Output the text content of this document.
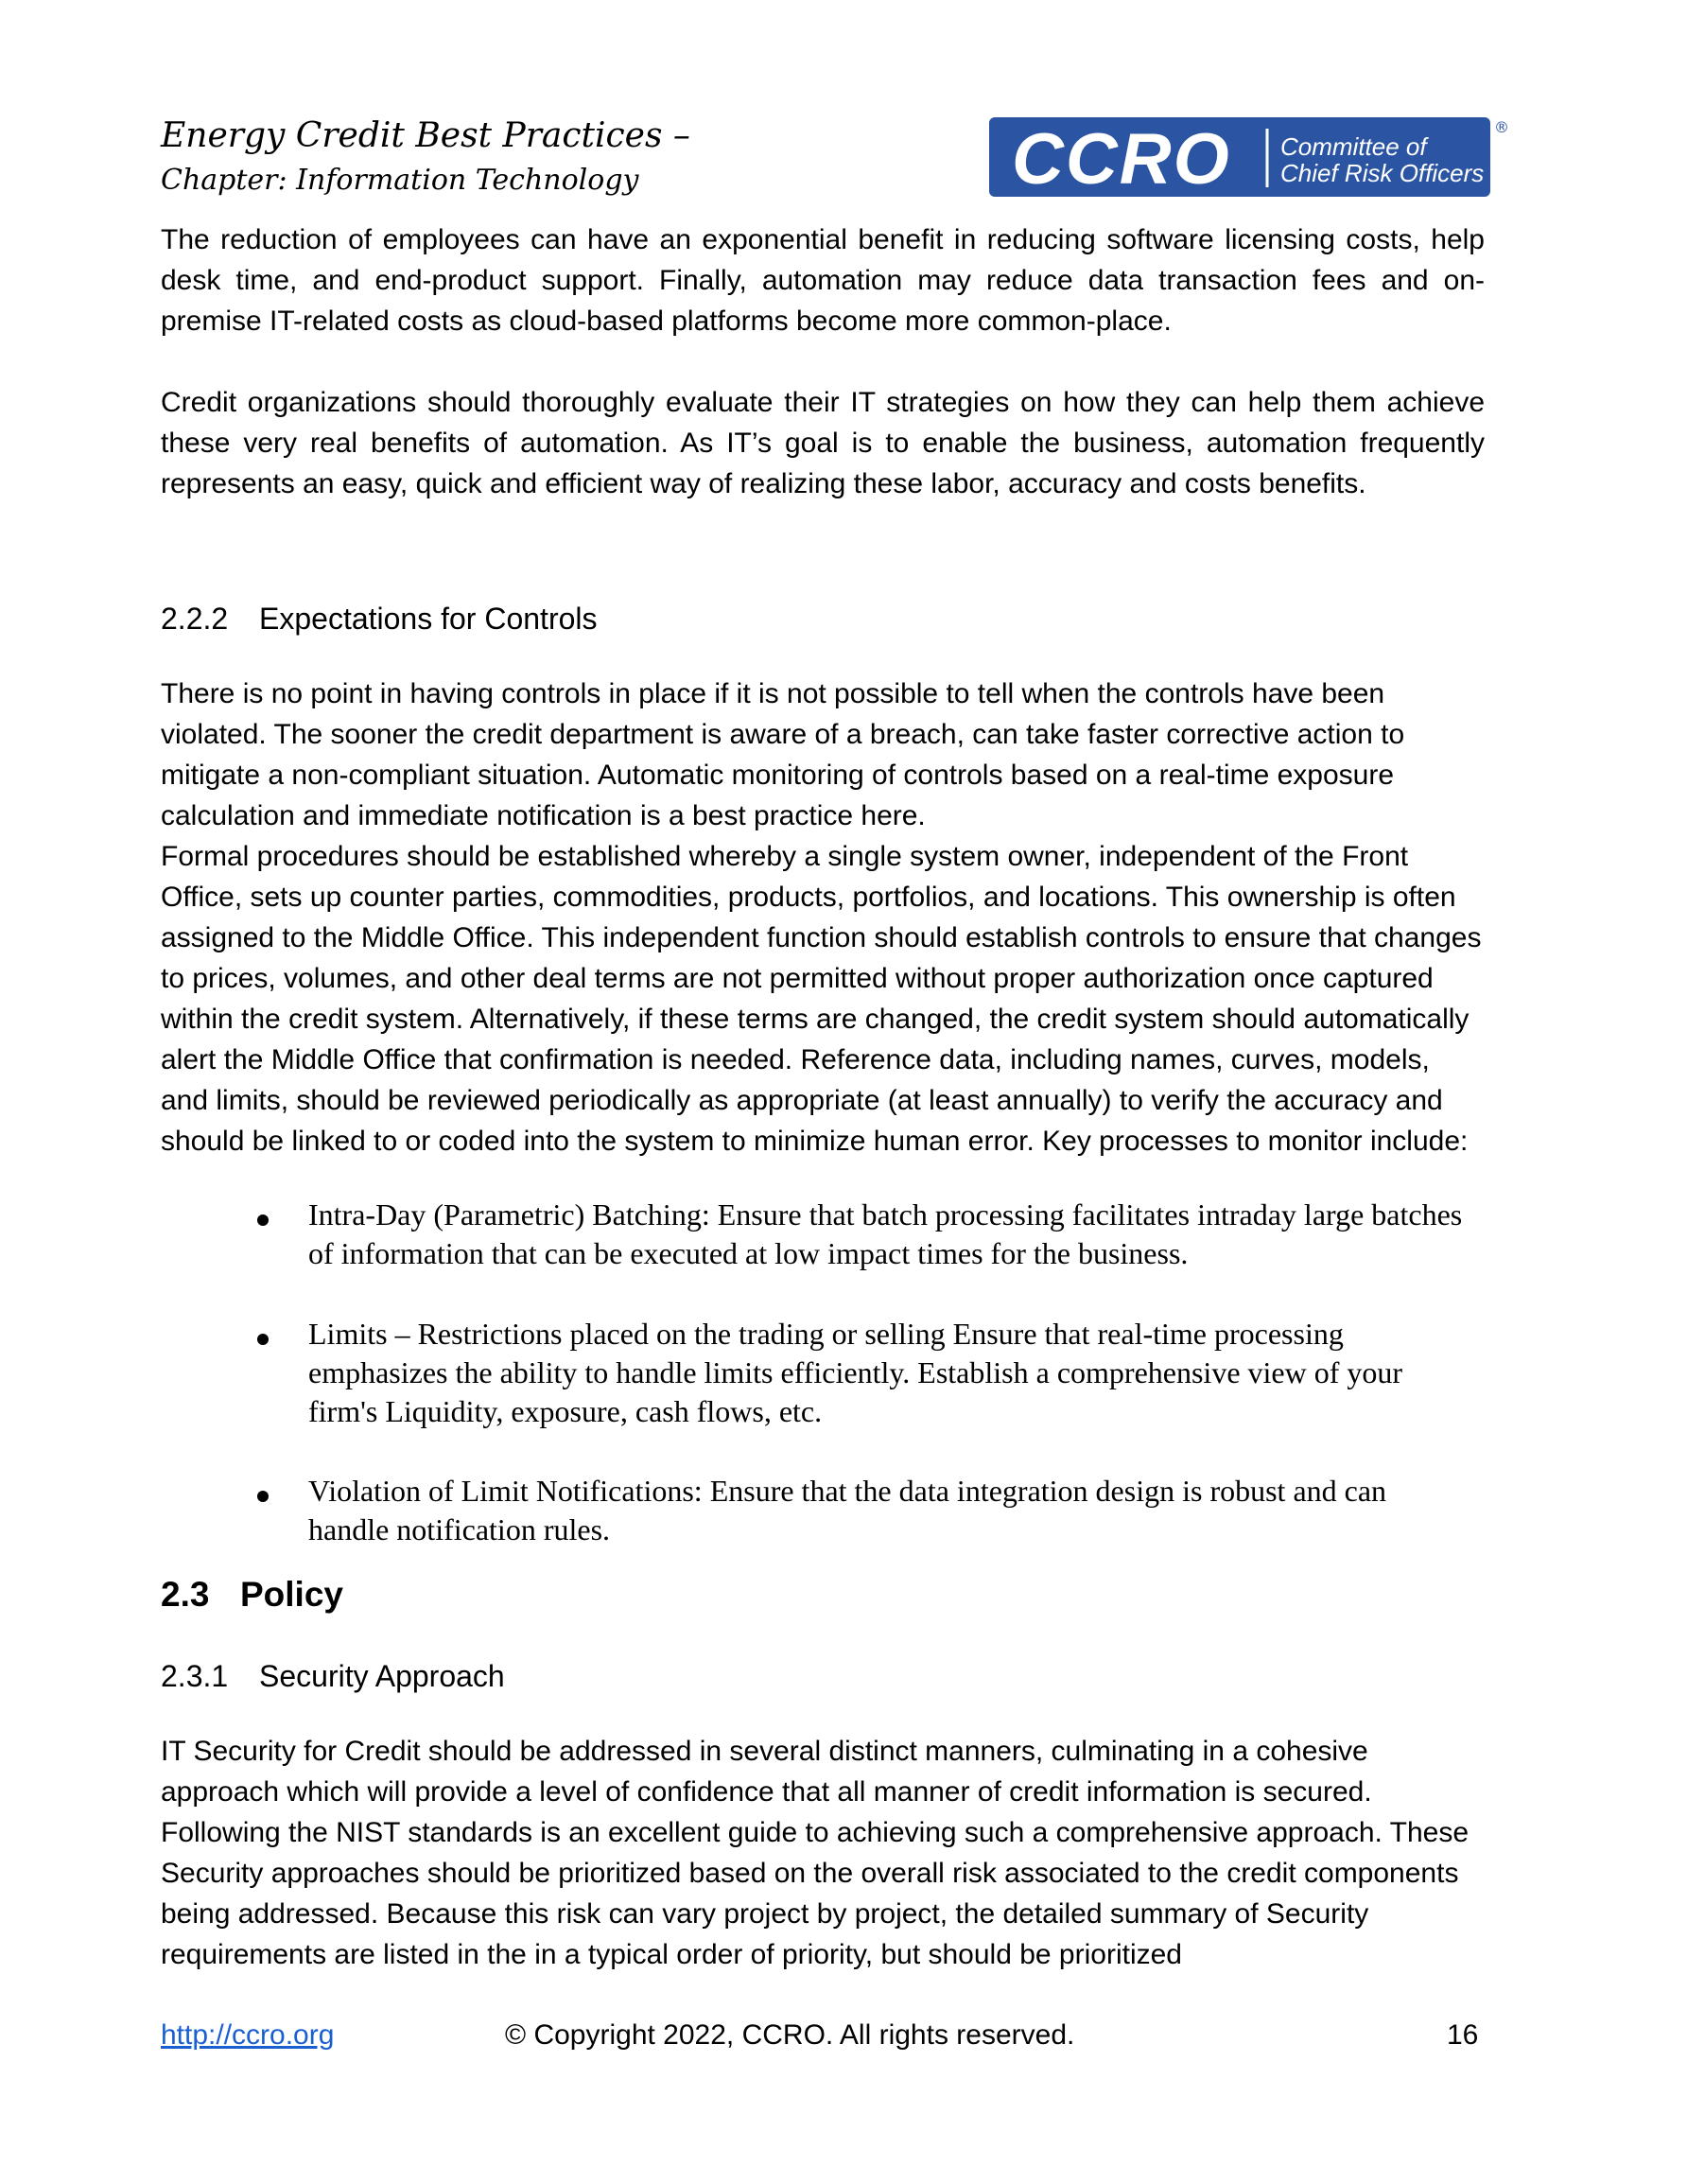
Energy Credit Best Practices –
Chapter: Information Technology	CCRO Committee of
Chief Risk Officers
®

The reduction of employees can have an exponential benefit in reducing software licensing costs, help desk time, and end-product support. Finally, automation may reduce data transaction fees and on-premise IT-related costs as cloud-based platforms become more common-place.

Credit organizations should thoroughly evaluate their IT strategies on how they can help them achieve these very real benefits of automation. As IT’s goal is to enable the business, automation frequently represents an easy, quick and efficient way of realizing these labor, accuracy and costs benefits.

2.2.2 Expectations for Controls

There is no point in having controls in place if it is not possible to tell when the controls have been violated. The sooner the credit department is aware of a breach, can take faster corrective action to mitigate a non-compliant situation. Automatic monitoring of controls based on a real-time exposure calculation and immediate notification is a best practice here.

Formal procedures should be established whereby a single system owner, independent of the Front Office, sets up counter parties, commodities, products, portfolios, and locations. This ownership is often assigned to the Middle Office. This independent function should establish controls to ensure that changes to prices, volumes, and other deal terms are not permitted without proper authorization once captured within the credit system. Alternatively, if these terms are changed, the credit system should automatically alert the Middle Office that confirmation is needed. Reference data, including names, curves, models, and limits, should be reviewed periodically as appropriate (at least annually) to verify the accuracy and should be linked to or coded into the system to minimize human error. Key processes to monitor include:

Intra-Day (Parametric) Batching: Ensure that batch processing facilitates intraday large batches of information that can be executed at low impact times for the business.
Limits – Restrictions placed on the trading or selling Ensure that real-time processing emphasizes the ability to handle limits efficiently. Establish a comprehensive view of your firm's Liquidity, exposure, cash flows, etc.
Violation of Limit Notifications: Ensure that the data integration design is robust and can handle notification rules.
2.3 Policy
2.3.1 Security Approach

IT Security for Credit should be addressed in several distinct manners, culminating in a cohesive approach which will provide a level of confidence that all manner of credit information is secured. Following the NIST standards is an excellent guide to achieving such a comprehensive approach. These Security approaches should be prioritized based on the overall risk associated to the credit components being addressed. Because this risk can vary project by project, the detailed summary of Security requirements are listed in the in a typical order of priority, but should be prioritized

http://ccro.org	© Copyright 2022, CCRO. All rights reserved.	16
